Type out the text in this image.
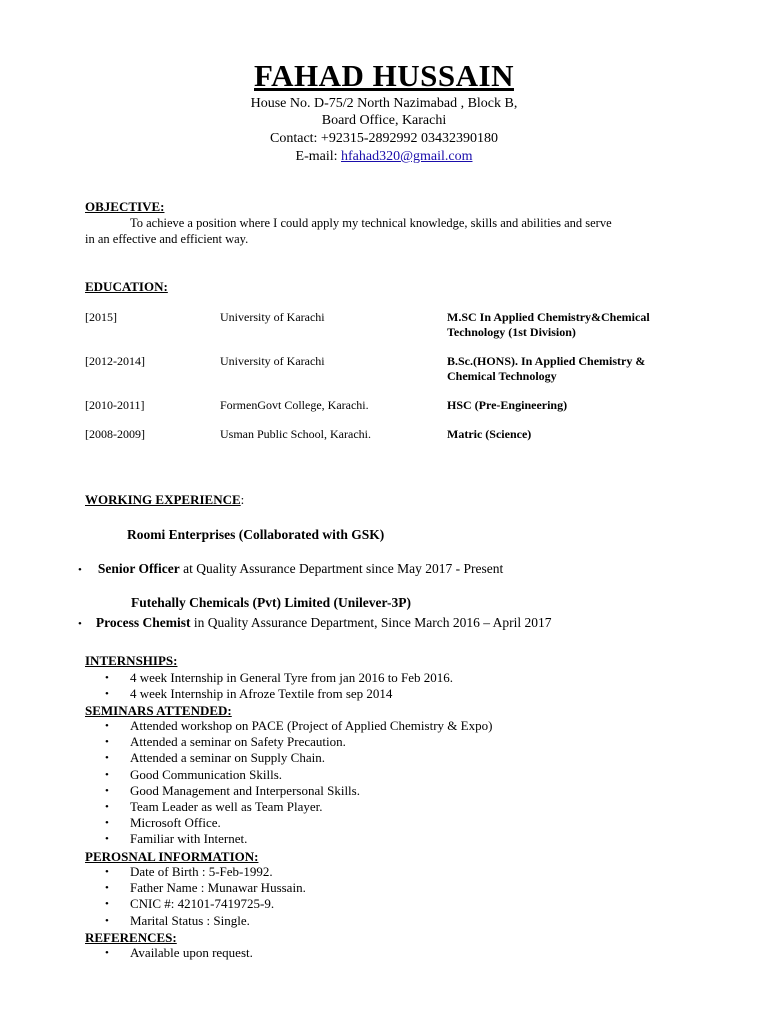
FAHAD HUSSAIN
House No. D-75/2 North Nazimabad , Block B,
Board Office, Karachi
Contact: +92315-2892992 03432390180
E-mail: hfahad320@gmail.com
OBJECTIVE:
To achieve a position where I could apply my technical knowledge, skills and abilities and serve
in an effective and efficient way.
EDUCATION:
[2015]	University of Karachi	M.SC In Applied Chemistry&Chemical Technology (1st Division)
[2012-2014]	University of Karachi	B.Sc.(HONS). In Applied Chemistry & Chemical Technology
[2010-2011]	FormenGovt College, Karachi.	HSC (Pre-Engineering)
[2008-2009]	Usman Public School, Karachi.	Matric (Science)
WORKING EXPERIENCE:
Roomi Enterprises (Collaborated with GSK)
• Senior Officer at Quality Assurance Department since May 2017 - Present
Futehally Chemicals (Pvt) Limited (Unilever-3P)
• Process Chemist in Quality Assurance Department, Since March 2016 – April 2017
INTERNSHIPS:
• 4 week Internship in General Tyre from jan 2016 to Feb 2016.
• 4 week Internship in Afroze Textile from sep 2014
SEMINARS ATTENDED:
• Attended workshop on PACE (Project of Applied Chemistry & Expo)
• Attended a seminar on Safety Precaution.
• Attended a seminar on Supply Chain.
• Good Communication Skills.
• Good Management and Interpersonal Skills.
• Team Leader as well as Team Player.
• Microsoft Office.
• Familiar with Internet.
PEROSNAL INFORMATION:
• Date of Birth : 5-Feb-1992.
• Father Name : Munawar Hussain.
• CNIC #: 42101-7419725-9.
• Marital Status : Single.
REFERENCES:
• Available upon request.
